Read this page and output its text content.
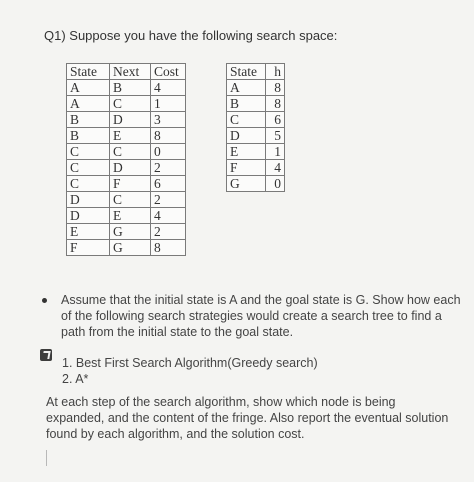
Q1) Suppose you have the following search space:
State	Next	Cost
A	B	4
A	C	1
B	D	3
B	E	8
C	C	0
C	D	2
C	F	6
D	C	2
D	E	4
E	G	2
F	G	8
State	h
A	8
B	8
C	6
D	5
E	1
F	4
G	0
Assume that the initial state is A and the goal state is G. Show how each of the following search strategies would create a search tree to find a path from the initial state to the goal state.
1. Best First Search Algorithm(Greedy search)
2. A*
At each step of the search algorithm, show which node is being expanded, and the content of the fringe. Also report the eventual solution found by each algorithm, and the solution cost.
